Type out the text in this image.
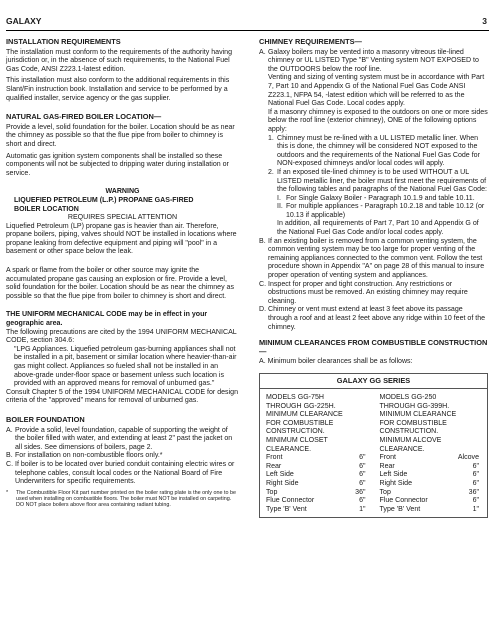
GALAXY	3
INSTALLATION REQUIREMENTS

The installation must conform to the requirements of the authority having jurisdiction or, in the absence of such requirements, to the National Fuel Gas Code, ANSI Z223.1-latest edition.

This installation must also conform to the additional requirements in this Slant/Fin instruction book. Installation and service to be performed by a qualified installer, service agency or the gas supplier.

NATURAL GAS-FIRED BOILER LOCATION—

Provide a level, solid foundation for the boiler. Location should be as near the chimney as possible so that the flue pipe from boiler to chimney is short and direct.

Automatic gas ignition system components shall be installed so these components will not be subjected to dripping water during installation or service.

WARNING
LIQUEFIED PETROLEUM (L.P.) PROPANE GAS-FIRED
BOILER LOCATION
REQUIRES SPECIAL ATTENTION

Liquefied Petroleum (LP) propane gas is heavier than air. Therefore, propane boilers, piping, valves should NOT be installed in locations where propane leaking from defective equipment and piping will "pool" in a basement or other space below the leak.

A spark or flame from the boiler or other source may ignite the accumulated propane gas causing an explosion or fire. Provide a level, solid foundation for the boiler. Location should be as near the chimney as possible so that the flue pipe from boiler to chimney is short and direct.

THE UNIFORM MECHANICAL CODE may be in effect in your geographic area.
The following precautions are cited by the 1994 UNIFORM MECHANICAL CODE, section 304.6:
"LPG Appliances. Liquefied petroleum gas-burning appliances shall not be installed in a pit, basement or similar location where heavier-than-air gas might collect. Appliances so fueled shall not be installed in an above-grade under-floor space or basement unless such location is provided with an approved means for removal of unburned gas."

Consult Chapter 5 of the 1994 UNIFORM MECHANICAL CODE for design criteria of the "approved" means for removal of unburned gas.

BOILER FOUNDATION
A. Provide a solid, level foundation, capable of supporting the weight of the boiler filled with water, and extending at least 2" past the jacket on all sides. See dimensions of boilers, page 2.
B. For installation on non-combustible floors only.*
C. If boiler is to be located over buried conduit containing electric wires or telephone cables, consult local codes or the National Board of Fire Underwriters for specific requirements.
*	The Combustible Floor Kit part number printed on the boiler rating plate is the only one to be used when installing on combustible floors. The boiler must NOT be installed on carpeting. DO NOT place boilers above floor area containing radiant tubing.
CHIMNEY REQUIREMENTS—
A. Galaxy boilers may be vented into a masonry vitreous tile-lined chimney or UL LISTED Type "B" Venting system NOT EXPOSED to the OUTDOORS below the roof line.
Venting and sizing of venting system must be in accordance with Part 7, Part 10 and Appendix G of the National Fuel Gas Code ANSI Z223.1, NFPA 54, -latest edition which will be referred to as the National Fuel Gas Code. Local codes apply.
If a masonry chimney is exposed to the outdoors on one or more sides below the roof line (exterior chimney), ONE of the following options apply:
1. Chimney must be re-lined with a UL LISTED metallic liner. When this is done, the chimney will be considered NOT exposed to the outdoors and the requirements of the National Fuel Gas Code for NON-exposed chimneys and/or local codes will apply.
2. If an exposed tile-lined chimney is to be used WITHOUT a UL LISTED metallic liner, the boiler must first meet the requirements of the following tables and paragraphs of the National Fuel Gas Code:
I. For Single Galaxy Boiler - Paragraph 10.1.9 and table 10.11.
II. For multiple appliances - Paragraph 10.2.18 and table 10.12 (or 10.13 if applicable)
In addition, all requirements of Part 7, Part 10 and Appendix G of the National Fuel Gas Code and/or local codes apply.
B. If an existing boiler is removed from a common venting system, the common venting system may be too large for proper venting of the remaining appliances connected to the common vent. Follow the test procedure shown in Appendix "A" on page 28 of this manual to insure proper operation of venting system and appliances.
C. Inspect for proper and tight construction. Any restrictions or obstructions must be removed. An existing chimney may require cleaning.
D. Chimney or vent must extend at least 3 feet above its passage through a roof and at least 2 feet above any ridge within 10 feet of the chimney.
MINIMUM CLEARANCES FROM COMBUSTIBLE CONSTRUCTION —
A. Minimum boiler clearances shall be as follows:
GALAXY GG SERIES
MODELS GG-75H
THROUGH GG-225H.
MINIMUM CLEARANCE
FOR COMBUSTIBLE
CONSTRUCTION.
MINIMUM CLOSET
CLEARANCE.
Front	6"
Rear	6"
Left Side	6"
Right Side	6"
Top	36"
Flue Connector	6"
Type 'B' Vent	1"
MODELS GG-250
THROUGH GG-399H.
MINIMUM CLEARANCE
FOR COMBUSTIBLE
CONSTRUCTION.
MINIMUM ALCOVE
CLEARANCE.
Front	Alcove
Rear	6"
Left Side	6"
Right Side	6"
Top	36"
Flue Connector	6"
Type 'B' Vent	1"
